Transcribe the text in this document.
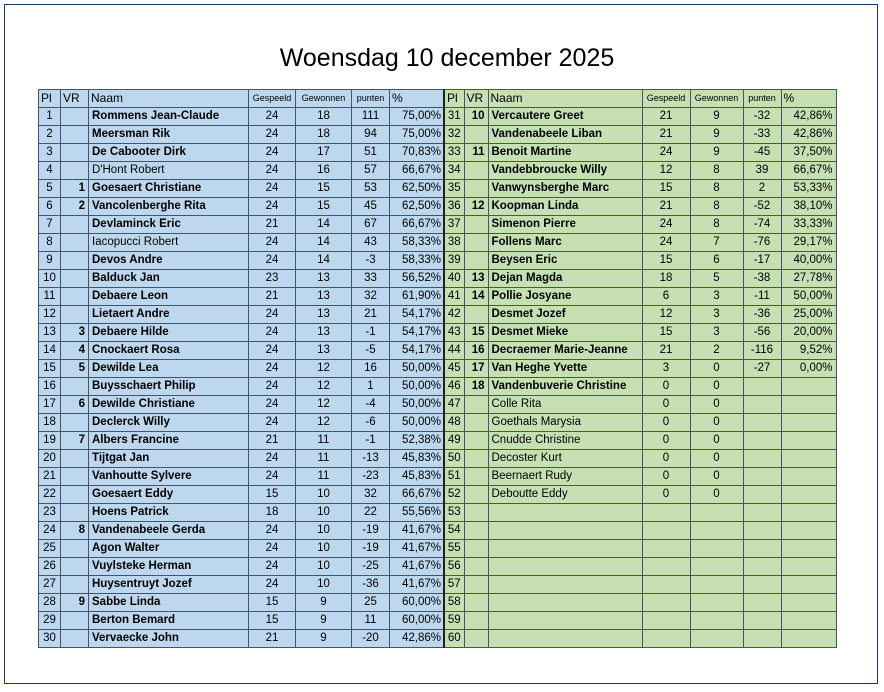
Woensdag 10 december 2025
Pl	VR	Naam	Gespeeld	Gewonnen	punten	%
1		Rommens Jean-Claude	24	18	111	75,00%
2		Meersman Rik	24	18	94	75,00%
3		De Cabooter Dirk	24	17	51	70,83%
4		D'Hont Robert	24	16	57	66,67%
5	1	Goesaert Christiane	24	15	53	62,50%
6	2	Vancolenberghe Rita	24	15	45	62,50%
7		Devlaminck Eric	21	14	67	66,67%
8		Iacopucci Robert	24	14	43	58,33%
9		Devos Andre	24	14	-3	58,33%
10		Balduck Jan	23	13	33	56,52%
11		Debaere Leon	21	13	32	61,90%
12		Lietaert Andre	24	13	21	54,17%
13	3	Debaere Hilde	24	13	-1	54,17%
14	4	Cnockaert Rosa	24	13	-5	54,17%
15	5	Dewilde Lea	24	12	16	50,00%
16		Buysschaert Philip	24	12	1	50,00%
17	6	Dewilde Christiane	24	12	-4	50,00%
18		Declerck Willy	24	12	-6	50,00%
19	7	Albers Francine	21	11	-1	52,38%
20		Tijtgat Jan	24	11	-13	45,83%
21		Vanhoutte Sylvere	24	11	-23	45,83%
22		Goesaert Eddy	15	10	32	66,67%
23		Hoens Patrick	18	10	22	55,56%
24	8	Vandenabeele Gerda	24	10	-19	41,67%
25		Agon Walter	24	10	-19	41,67%
26		Vuylsteke Herman	24	10	-25	41,67%
27		Huysentruyt Jozef	24	10	-36	41,67%
28	9	Sabbe Linda	15	9	25	60,00%
29		Berton Bemard	15	9	11	60,00%
30		Vervaecke John	21	9	-20	42,86%
Pl	VR	Naam	Gespeeld	Gewonnen	punten	%
31	10	Vercautere Greet	21	9	-32	42,86%
32		Vandenabeele Liban	21	9	-33	42,86%
33	11	Benoit Martine	24	9	-45	37,50%
34		Vandebbroucke Willy	12	8	39	66,67%
35		Vanwynsberghe Marc	15	8	2	53,33%
36	12	Koopman Linda	21	8	-52	38,10%
37		Simenon Pierre	24	8	-74	33,33%
38		Follens Marc	24	7	-76	29,17%
39		Beysen Eric	15	6	-17	40,00%
40	13	Dejan Magda	18	5	-38	27,78%
41	14	Pollie Josyane	6	3	-11	50,00%
42		Desmet Jozef	12	3	-36	25,00%
43	15	Desmet Mieke	15	3	-56	20,00%
44	16	Decraemer Marie-Jeanne	21	2	-116	9,52%
45	17	Van Heghe Yvette	3	0	-27	0,00%
46	18	Vandenbuverie Christine	0	0		
47		Colle Rita	0	0		
48		Goethals Marysia	0	0		
49		Cnudde Christine	0	0		
50		Decoster Kurt	0	0		
51		Beernaert Rudy	0	0		
52		Deboutte Eddy	0	0		
53						
54						
55						
56						
57						
58						
59						
60						
